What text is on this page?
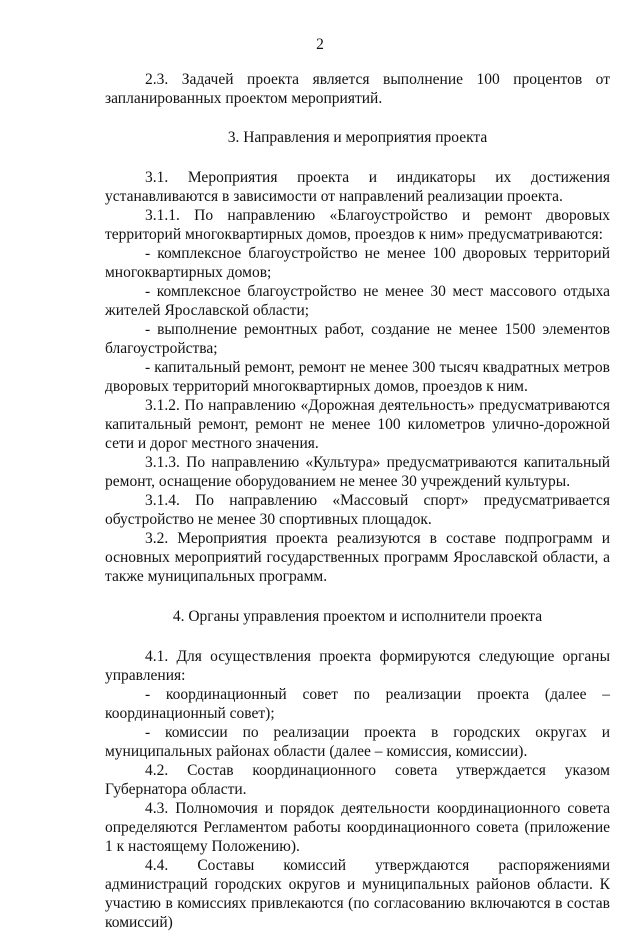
2

2.3. Задачей проекта является выполнение 100 процентов от запланированных проектом мероприятий.

3. Направления и мероприятия проекта

3.1. Мероприятия проекта и индикаторы их достижения устанавливаются в зависимости от направлений реализации проекта.

3.1.1. По направлению «Благоустройство и ремонт дворовых территорий многоквартирных домов, проездов к ним» предусматриваются:

- комплексное благоустройство не менее 100 дворовых территорий многоквартирных домов;

- комплексное благоустройство не менее 30 мест массового отдыха жителей Ярославской области;

- выполнение ремонтных работ, создание не менее 1500 элементов благоустройства;

- капитальный ремонт, ремонт не менее 300 тысяч квадратных метров дворовых территорий многоквартирных домов, проездов к ним.

3.1.2. По направлению «Дорожная деятельность» предусматриваются капитальный ремонт, ремонт не менее 100 километров улично-дорожной сети и дорог местного значения.

3.1.3. По направлению «Культура» предусматриваются капитальный ремонт, оснащение оборудованием не менее 30 учреждений культуры.

3.1.4. По направлению «Массовый спорт» предусматривается обустройство не менее 30 спортивных площадок.

3.2. Мероприятия проекта реализуются в составе подпрограмм и основных мероприятий государственных программ Ярославской области, а также муниципальных программ.

4. Органы управления проектом и исполнители проекта

4.1. Для осуществления проекта формируются следующие органы управления:

- координационный совет по реализации проекта (далее – координационный совет);

- комиссии по реализации проекта в городских округах и муниципальных районах области (далее – комиссия, комиссии).

4.2. Состав координационного совета утверждается указом Губернатора области.

4.3. Полномочия и порядок деятельности координационного совета определяются Регламентом работы координационного совета (приложение 1 к настоящему Положению).

4.4. Составы комиссий утверждаются распоряжениями администраций городских округов и муниципальных районов области. К участию в комиссиях привлекаются (по согласованию включаются в состав комиссий)
